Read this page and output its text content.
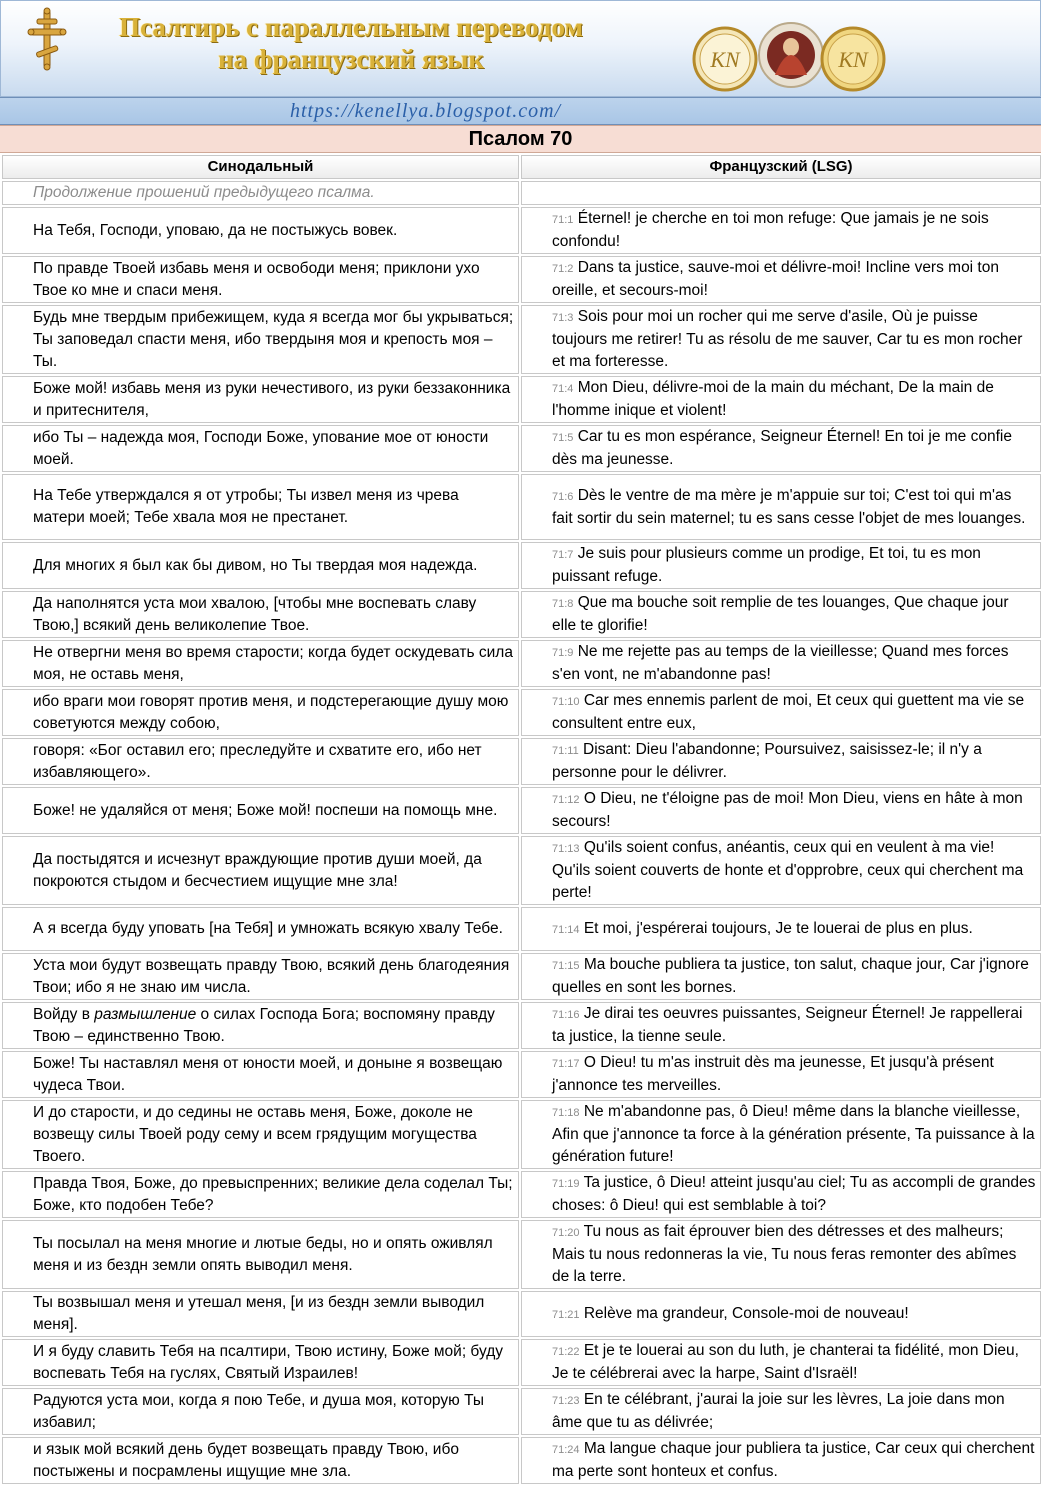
Псалтирь с параллельным переводом
на французский язык	KN	KN
https://kenellya.blogspot.com/
Псалом 70
Синодальный	Французский (LSG)
Продолжение прошений предыдущего псалма.	
На Тебя, Господи, уповаю, да не постыжусь вовек.	71:1 Éternel! je cherche en toi mon refuge: Que jamais je ne sois confondu!
По правде Твоей избавь меня и освободи меня; приклони ухо Твое ко мне и спаси меня.	71:2 Dans ta justice, sauve-moi et délivre-moi! Incline vers moi ton oreille, et secours-moi!
Будь мне твердым прибежищем, куда я всегда мог бы укрываться; Ты заповедал спасти меня, ибо твердыня моя и крепость моя – Ты.	71:3 Sois pour moi un rocher qui me serve d'asile, Où je puisse toujours me retirer! Tu as résolu de me sauver, Car tu es mon rocher et ma forteresse.
Боже мой! избавь меня из руки нечестивого, из руки беззаконника и притеснителя,	71:4 Mon Dieu, délivre-moi de la main du méchant, De la main de l'homme inique et violent!
ибо Ты – надежда моя, Господи Боже, упование мое от юности моей.	71:5 Car tu es mon espérance, Seigneur Éternel! En toi je me confie dès ma jeunesse.
На Тебе утверждался я от утробы; Ты извел меня из чрева матери моей; Тебе хвала моя не престанет.	71:6 Dès le ventre de ma mère je m'appuie sur toi; C'est toi qui m'as fait sortir du sein maternel; tu es sans cesse l'objet de mes louanges.
Для многих я был как бы дивом, но Ты твердая моя надежда.	71:7 Je suis pour plusieurs comme un prodige, Et toi, tu es mon puissant refuge.
Да наполнятся уста мои хвалою, [чтобы мне воспевать славу Твою,] всякий день великолепие Твое.	71:8 Que ma bouche soit remplie de tes louanges, Que chaque jour elle te glorifie!
Не отвергни меня во время старости; когда будет оскудевать сила моя, не оставь меня,	71:9 Ne me rejette pas au temps de la vieillesse; Quand mes forces s'en vont, ne m'abandonne pas!
ибо враги мои говорят против меня, и подстерегающие душу мою советуются между собою,	71:10 Car mes ennemis parlent de moi, Et ceux qui guettent ma vie se consultent entre eux,
говоря: «Бог оставил его; преследуйте и схватите его, ибо нет избавляющего».	71:11 Disant: Dieu l'abandonne; Poursuivez, saisissez-le; il n'y a personne pour le délivrer.
Боже! не удаляйся от меня; Боже мой! поспеши на помощь мне.	71:12 O Dieu, ne t'éloigne pas de moi! Mon Dieu, viens en hâte à mon secours!
Да постыдятся и исчезнут враждующие против души моей, да покроются стыдом и бесчестием ищущие мне зла!	71:13 Qu'ils soient confus, anéantis, ceux qui en veulent à ma vie! Qu'ils soient couverts de honte et d'opprobre, ceux qui cherchent ma perte!
А я всегда буду уповать [на Тебя] и умножать всякую хвалу Тебе.	71:14 Et moi, j'espérerai toujours, Je te louerai de plus en plus.
Уста мои будут возвещать правду Твою, всякий день благодеяния Твои; ибо я не знаю им числа.	71:15 Ma bouche publiera ta justice, ton salut, chaque jour, Car j'ignore quelles en sont les bornes.
Войду в размышление о силах Господа Бога; воспомяну правду Твою – единственно Твою.	71:16 Je dirai tes oeuvres puissantes, Seigneur Éternel! Je rappellerai ta justice, la tienne seule.
Боже! Ты наставлял меня от юности моей, и доныне я возвещаю чудеса Твои.	71:17 O Dieu! tu m'as instruit dès ma jeunesse, Et jusqu'à présent j'annonce tes merveilles.
И до старости, и до седины не оставь меня, Боже, доколе не возвещу силы Твоей роду сему и всем грядущим могущества Твоего.	71:18 Ne m'abandonne pas, ô Dieu! même dans la blanche vieillesse, Afin que j'annonce ta force à la génération présente, Ta puissance à la génération future!
Правда Твоя, Боже, до превыспренних; великие дела соделал Ты; Боже, кто подобен Тебе?	71:19 Ta justice, ô Dieu! atteint jusqu'au ciel; Tu as accompli de grandes choses: ô Dieu! qui est semblable à toi?
Ты посылал на меня многие и лютые беды, но и опять оживлял меня и из бездн земли опять выводил меня.	71:20 Tu nous as fait éprouver bien des détresses et des malheurs; Mais tu nous redonneras la vie, Tu nous feras remonter des abîmes de la terre.
Ты возвышал меня и утешал меня, [и из бездн земли выводил меня].	71:21 Relève ma grandeur, Console-moi de nouveau!
И я буду славить Тебя на псалтири, Твою истину, Боже мой; буду воспевать Тебя на гуслях, Святый Израилев!	71:22 Et je te louerai au son du luth, je chanterai ta fidélité, mon Dieu, Je te célébrerai avec la harpe, Saint d'Israël!
Радуются уста мои, когда я пою Тебе, и душа моя, которую Ты избавил;	71:23 En te célébrant, j'aurai la joie sur les lèvres, La joie dans mon âme que tu as délivrée;
и язык мой всякий день будет возвещать правду Твою, ибо постыжены и посрамлены ищущие мне зла.	71:24 Ma langue chaque jour publiera ta justice, Car ceux qui cherchent ma perte sont honteux et confus.
